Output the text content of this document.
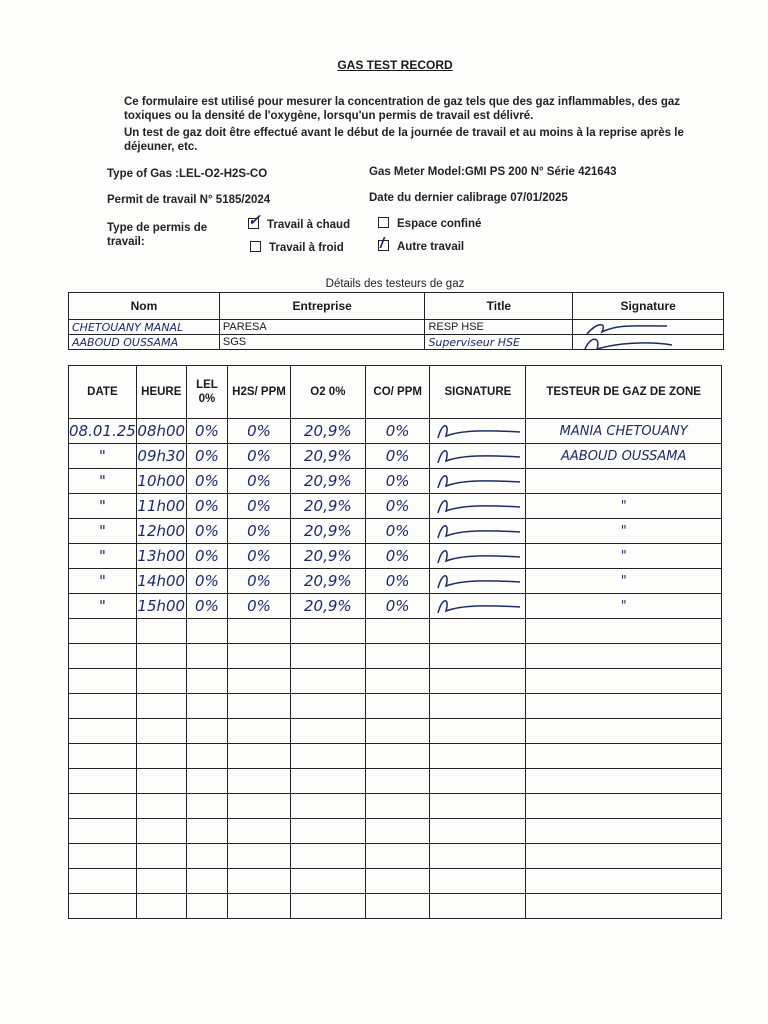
GAS TEST RECORD
Ce formulaire est utilisé pour mesurer la concentration de gaz tels que des gaz inflammables, des gaz toxiques ou la densité de l'oxygène, lorsqu'un permis de travail est délivré.
Un test de gaz doit être effectué avant le début de la journée de travail et au moins à la reprise après le déjeuner, etc.
Type of Gas :LEL-O2-H2S-CO	Gas Meter Model:GMI PS 200 N° Série 421643
Permit de travail N° 5185/2024	Date du dernier calibrage 07/01/2025
Type de permis de travail:
✓ Travail à chaud	Espace confiné
Travail à froid / Autre travail
Détails des testeurs de gaz
Nom	Entreprise	Title	Signature
CHETOUANY MANAL	PARESA	RESP HSE	

AABOUD OUSSAMA	SGS	Superviseur HSE	
DATE	HEURE	LEL 0%	H2S/ PPM	O2 0%	CO/ PPM	SIGNATURE	TESTEUR DE GAZ DE ZONE
08.01.25	08h00	0%	0%	20,9%	0%		MANIA CHETOUANY
"	09h30	0%	0%	20,9%	0%		AABOUD OUSSAMA
"	10h00	0%	0%	20,9%	0%	

"	11h00	0%	0%	20,9%	0%		"
"	12h00	0%	0%	20,9%	0%		"
"	13h00	0%	0%	20,9%	0%		"
"	14h00	0%	0%	20,9%	0%		"
"	15h00	0%	0%	20,9%	0%		"
